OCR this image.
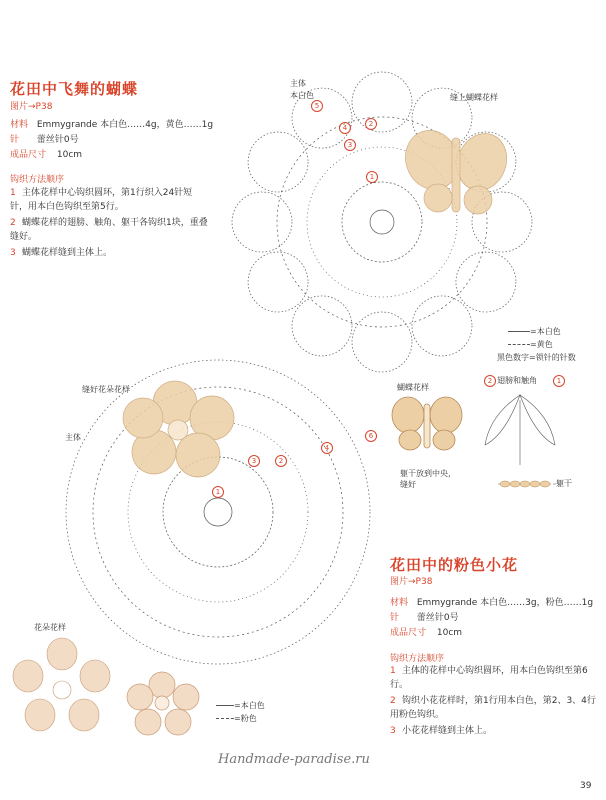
花田中飞舞的蝴蝶
图片→P38
材料 Emmygrande 本白色……4g，黄色……1g
针 蕾丝针0号
成品尺寸 10cm
钩织方法顺序
1 主体花样中心钩织圆环，第1行织入24针短针，用本白色钩织至第5行。
2 蝴蝶花样的翅膀、触角、躯干各钩织1块，重叠缝好。
3 蝴蝶花样缝到主体上。
主体
本白色	缝上蝴蝶花样
5
4
3
2
1
=本白色
=黄色
黑色数字=锁针的针数
蝴蝶花样
2 翅膀和触角	1
躯干放到中央，缝好	躯干
缝好花朵花样
主体	6
4
3	2
1
花朵花样
=本白色
=粉色
花田中的粉色小花
图片→P38
材料 Emmygrande 本白色……3g，粉色……1g
针 蕾丝针0号
成品尺寸 10cm
钩织方法顺序
1 主体的花样中心钩织圆环，用本白色钩织至第6行。
2 钩织小花花样时，第1行用本白色，第2、3、4行用粉色钩织。
3 小花花样缝到主体上。
Handmade-paradise.ru
39
